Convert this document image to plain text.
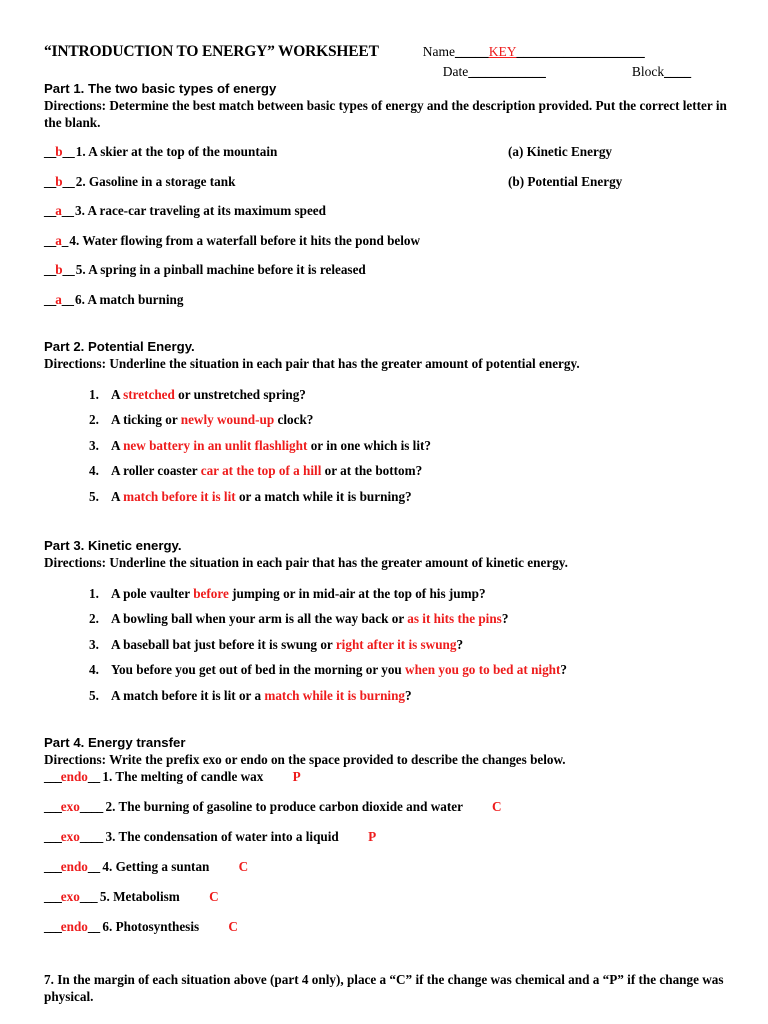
“INTRODUCTION TO ENERGY” WORKSHEET	Name_____KEY___________________
Date ___________	Block____
Part 1. The two basic types of energy
Directions: Determine the best match between basic types of energy and the description provided. Put the correct letter in the blank.
__b__ 1. A skier at the top of the mountain	(a) Kinetic Energy
__b__ 2. Gasoline in a storage tank	(b) Potential Energy
__a__ 3. A race-car traveling at its maximum speed
__a_ 4. Water flowing from a waterfall before it hits the pond below
__b__ 5. A spring in a pinball machine before it is released
__a__ 6. A match burning
Part 2. Potential Energy.
Directions: Underline the situation in each pair that has the greater amount of potential energy.
1. A stretched or unstretched spring?
2. A ticking or newly wound-up clock?
3. A new battery in an unlit flashlight or in one which is lit?
4. A roller coaster car at the top of a hill or at the bottom?
5. A match before it is lit or a match while it is burning?
Part 3. Kinetic energy.
Directions: Underline the situation in each pair that has the greater amount of kinetic energy.
1. A pole vaulter before jumping or in mid-air at the top of his jump?
2. A bowling ball when your arm is all the way back or as it hits the pins?
3. A baseball bat just before it is swung or right after it is swung?
4. You before you get out of bed in the morning or you when you go to bed at night?
5. A match before it is lit or a match while it is burning?
Part 4. Energy transfer
Directions: Write the prefix exo or endo on the space provided to describe the changes below.
___endo__ 1. The melting of candle wax P
___exo____ 2. The burning of gasoline to produce carbon dioxide and water C
___exo____ 3. The condensation of water into a liquid P
___endo__ 4. Getting a suntan C
___exo___ 5. Metabolism C
___endo__ 6. Photosynthesis C
7. In the margin of each situation above (part 4 only), place a “C” if the change was chemical and a “P” if the change was physical.
